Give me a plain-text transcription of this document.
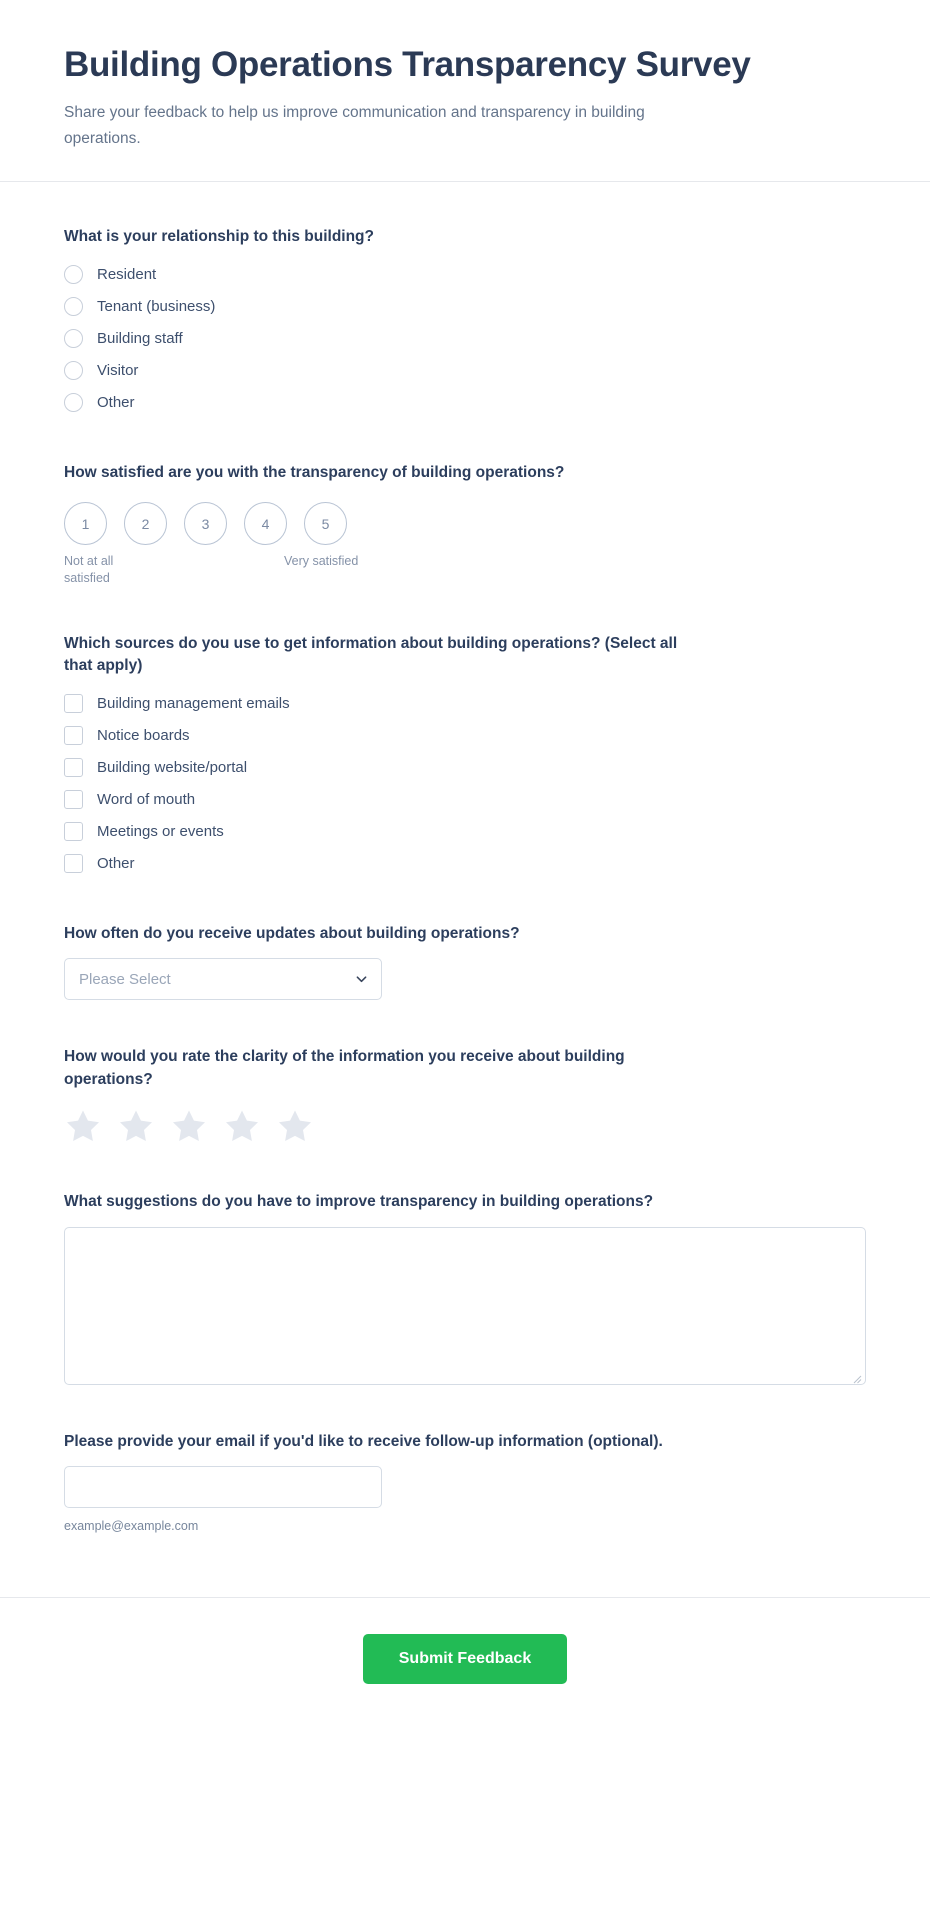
Building Operations Transparency Survey

Share your feedback to help us improve communication and transparency in building operations.

What is your relationship to this building?
Resident
Tenant (business)
Building staff
Visitor
Other
How satisfied are you with the transparency of building operations?
1	2	3	4	5
Not at all satisfied
Very satisfied
Which sources do you use to get information about building operations? (Select all that apply)
Building management emails
Notice boards
Building website/portal
Word of mouth
Meetings or events
Other
How often do you receive updates about building operations?
Please Select
How would you rate the clarity of the information you receive about building operations?
What suggestions do you have to improve transparency in building operations?
Please provide your email if you'd like to receive follow-up information (optional).
example@example.com
Submit Feedback
